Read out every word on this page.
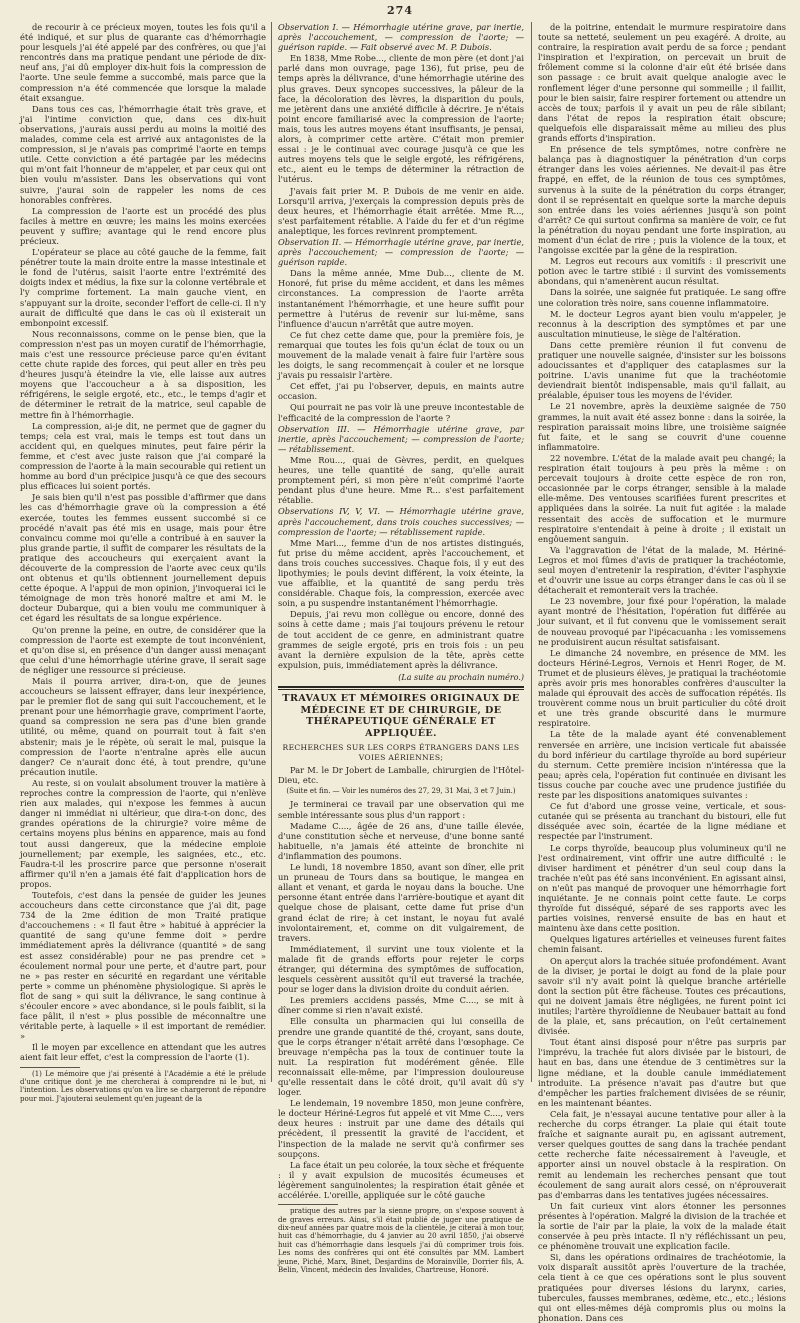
274

de recourir à ce précieux moyen, toutes les fois qu'il a été indiqué, et sur plus de quarante cas d'hémorrhagie pour lesquels j'ai été appelé par des confrères, ou que j'ai rencontrés dans ma pratique pendant une période de dix-neuf ans, j'ai dû employer dix-huit fois la compression de l'aorte. Une seule femme a succombé, mais parce que la compression n'a été commencée que lorsque la malade était exsangue.

Dans tous ces cas, l'hémorrhagie était très grave, et j'ai l'intime conviction que, dans ces dix-huit observations, j'aurais aussi perdu au moins la moitié des malades, comme cela est arrivé aux antagonistes de la compression, si je n'avais pas comprimé l'aorte en temps utile. Cette conviction a été partagée par les médecins qui m'ont fait l'honneur de m'appeler, et par ceux qui ont bien voulu m'assister. Dans les observations qui vont suivre, j'aurai soin de rappeler les noms de ces honorables confrères.

La compression de l'aorte est un procédé des plus faciles à mettre en œuvre; les mains les moins exercées peuvent y suffire; avantage qui le rend encore plus précieux.

L'opérateur se place au côté gauche de la femme, fait pénétrer toute la main droite entre la masse intestinale et le fond de l'utérus, saisit l'aorte entre l'extrémité des doigts index et médius, la fixe sur la colonne vertébrale et l'y comprime fortement. La main gauche vient, en s'appuyant sur la droite, seconder l'effort de celle-ci. Il n'y aurait de difficulté que dans le cas où il existerait un embonpoint excessif.

Nous reconnaissons, comme on le pense bien, que la compression n'est pas un moyen curatif de l'hémorrhagie, mais c'est une ressource précieuse parce qu'en évitant cette chute rapide des forces, qui peut aller en très peu d'heures jusqu'à éteindre la vie, elle laisse aux autres moyens que l'accoucheur a à sa disposition, les réfrigérens, le seigle ergoté, etc., etc., le temps d'agir et de déterminer le retrait de la matrice, seul capable de mettre fin à l'hémorrhagie.

La compression, ai-je dit, ne permet que de gagner du temps; cela est vrai, mais le temps est tout dans un accident qui, en quelques minutes, peut faire périr la femme, et c'est avec juste raison que j'ai comparé la compression de l'aorte à la main secourable qui retient un homme au bord d'un précipice jusqu'à ce que des secours plus efficaces lui soient portés.

Je sais bien qu'il n'est pas possible d'affirmer que dans les cas d'hémorrhagie grave où la compression a été exercée, toutes les femmes eussent succombé si ce procédé n'avait pas été mis en usage, mais pour être convaincu comme moi qu'elle a contribué à en sauver la plus grande partie, il suffit de comparer les résultats de la pratique des accoucheurs qui exerçaient avant la découverte de la compression de l'aorte avec ceux qu'ils ont obtenus et qu'ils obtiennent journellement depuis cette époque. A l'appui de mon opinion, j'invoquerai ici le témoignage de mon très honoré maître et ami M. le docteur Dubarque, qui a bien voulu me communiquer à cet égard les résultats de sa longue expérience.

Qu'on prenne la peine, en outre, de considérer que la compression de l'aorte est exempte de tout inconvénient, et qu'on dise si, en présence d'un danger aussi menaçant que celui d'une hémorrhagie utérine grave, il serait sage de négliger une ressource si précieuse.

Mais il pourra arriver, dira-t-on, que de jeunes accoucheurs se laissent effrayer, dans leur inexpérience, par le premier flot de sang qui suit l'accouchement, et le prenant pour une hémorrhagie grave, compriment l'aorte, quand sa compression ne sera pas d'une bien grande utilité, ou même, quand on pourrait tout à fait s'en abstenir; mais je le répète, où serait le mal, puisque la compression de l'aorte n'entraîne après elle aucun danger? Ce n'aurait donc été, à tout prendre, qu'une précaution inutile.

Au reste, si on voulait absolument trouver la matière à reproches contre la compression de l'aorte, qui n'enlève rien aux malades, qui n'expose les femmes à aucun danger ni immédiat ni ultérieur, que dira-t-on donc, des grandes opérations de la chirurgie? voire même de certains moyens plus bénins en apparence, mais au fond tout aussi dangereux, que la médecine emploie journellement; par exemple, les saignées, etc., etc. Faudra-t-il les proscrire parce que personne n'oserait affirmer qu'il n'en a jamais été fait d'application hors de propos.

Toutefois, c'est dans la pensée de guider les jeunes accoucheurs dans cette circonstance que j'ai dit, page 734 de la 2me édition de mon Traité pratique d'accouchemens : « Il faut être » habitué à apprécier la quantité de sang qu'une femme doit » perdre immédiatement après la délivrance (quantité » de sang est assez considérable) pour ne pas prendre cet » écoulement normal pour une perte, et d'autre part, pour ne » pas rester en sécurité en regardant une véritable perte » comme un phénomène physiologique. Si après le flot de sang » qui suit la délivrance, le sang continue à s'écouler encore » avec abondance, si le pouls faiblit, si la face pâlit, il n'est » plus possible de méconnaître une véritable perte, à laquelle » il est important de remédier. »

Il le moyen par excellence en attendant que les autres aient fait leur effet, c'est la compression de l'aorte (1).

(1) Le mémoire que j'ai présenté à l'Académie a été le prélude d'une critique dont je me chercherai à comprendre ni le but, ni l'intention. Les observations qu'on va lire se chargeront de répondre pour moi. J'ajouterai seulement qu'en jugeant de la

Observation I. — Hémorrhagie utérine grave, par inertie, après l'accouchement, — compression de l'aorte; — guérison rapide. — Fait observé avec M. P. Dubois.

En 1838, Mme Robe..., cliente de mon père (et dont j'ai parlé dans mon ouvrage, page 136), fut prise, peu de temps après la délivrance, d'une hémorrhagie utérine des plus graves. Deux syncopes successives, la pâleur de la face, la décoloration des lèvres, la disparition du pouls, me jetèrent dans une anxiété difficile à décrire. Je n'étais point encore familiarisé avec la compression de l'aorte; mais, tous les autres moyens étant insuffisants, je pensai, alors, à comprimer cette artère. C'était mon premier essai : je le continuai avec courage jusqu'à ce que les autres moyens tels que le seigle ergoté, les réfrigérens, etc., aient eu le temps de déterminer la rétraction de l'utérus.

J'avais fait prier M. P. Dubois de me venir en aide. Lorsqu'il arriva, j'exerçais la compression depuis près de deux heures, et l'hémorrhagie était arrêtée. Mme R..., s'est parfaitement rétablie. A l'aide du fer et d'un régime analeptique, les forces revinrent promptement.

Observation II. — Hémorrhagie utérine grave, par inertie, après l'accouchement; — compression de l'aorte; — guérison rapide.

Dans la même année, Mme Dub..., cliente de M. Honoré, fut prise du même accident, et dans les mêmes circonstances. La compression de l'aorte arrêta instantanément l'hémorrhagie, et une heure suffit pour permettre à l'utérus de revenir sur lui-même, sans l'influence d'aucun n'arrêtât que autre moyen.

Ce fut chez cette dame que, pour la première fois, je remarquai que toutes les fois qu'un éclat de toux ou un mouvement de la malade venait à faire fuir l'artère sous les doigts, le sang recommençait à couler et ne lorsque j'avais pu ressaisir l'artère.

Cet effet, j'ai pu l'observer, depuis, en maints autre occasion.

Qui pourrait ne pas voir là une preuve incontestable de l'efficacité de la compression de l'aorte ?

Observation III. — Hémorrhagie utérine grave, par inertie, après l'accouchement; — compression de l'aorte; — rétablissement.

Mme Rou..., quai de Gèvres, perdit, en quelques heures, une telle quantité de sang, qu'elle aurait promptement péri, si mon père n'eût comprimé l'aorte pendant plus d'une heure. Mme R... s'est parfaitement rétablie.

Observations IV, V, VI. — Hémorrhagie utérine grave, après l'accouchement, dans trois couches successives; — compression de l'aorte; — rétablissement rapide.

Mme Mari..., femme d'un de nos artistes distingués, fut prise du même accident, après l'accouchement, et dans trois couches successives. Chaque fois, il y eut des lipothymies; le pouls devint différent, la voix éteinte, la vue affaiblie, et la quantité de sang perdu très considérable. Chaque fois, la compression, exercée avec soin, a pu suspendre instantanément l'hémorrhagie.

Depuis, j'ai revu mon collègue ou encore, donné des soins à cette dame ; mais j'ai toujours prévenu le retour de tout accident de ce genre, en administrant quatre grammes de seigle ergoté, pris en trois fois : un peu avant la dernière expulsion de la tête, après cette expulsion, puis, immédiatement après la délivrance.

(La suite au prochain numéro.)
TRAVAUX ET MÉMOIRES ORIGINAUX DE MÉDECINE ET DE CHIRURGIE, DE THÉRAPEUTIQUE GÉNÉRALE ET APPLIQUÉE.
RECHERCHES SUR LES CORPS ÉTRANGERS DANS LES VOIES AÉRIENNES;

Par M. le Dr Jobert de Lamballe, chirurgien de l'Hôtel-Dieu, etc.

(Suite et fin. — Voir les numéros des 27, 29, 31 Mai, 3 et 7 Juin.)

Je terminerai ce travail par une observation qui me semble intéressante sous plus d'un rapport :

Madame C...., âgée de 26 ans, d'une taille élevée, d'une constitution sèche et nerveuse, d'une bonne santé habituelle, n'a jamais été atteinte de bronchite ni d'inflammation des poumons.

Le lundi, 18 novembre 1850, avant son dîner, elle prit un pruneau de Tours dans sa boutique, le mangea en allant et venant, et garda le noyau dans la bouche. Une personne étant entrée dans l'arrière-boutique et ayant dit quelque chose de plaisant, cette dame fut prise d'un grand éclat de rire; à cet instant, le noyau fut avalé involontairement, et, comme on dit vulgairement, de travers.

Immédiatement, il survint une toux violente et la malade fit de grands efforts pour rejeter le corps étranger, qui détermina des symptômes de suffocation, lesquels cessèrent aussitôt qu'il eut traversé la trachée, pour se loger dans la division droite du conduit aérien.

Les premiers accidens passés, Mme C...., se mit à dîner comme si rien n'avait existé.

Elle consulta un pharmacien qui lui conseilla de prendre une grande quantité de thé, croyant, sans doute, que le corps étranger n'était arrêté dans l'œsophage. Ce breuvage n'empêcha pas la toux de continuer toute la nuit. La respiration fut modérément gênée. Elle reconnaissait elle-même, par l'impression douloureuse qu'elle ressentait dans le côté droit, qu'il avait dû s'y loger.

Le lendemain, 19 novembre 1850, mon jeune confrère, le docteur Hériné-Legros fut appelé et vit Mme C...., vers deux heures : instruit par une dame des détails qui précèdent, il pressentit la gravité de l'accident, et l'inspection de la malade ne servit qu'à confirmer ses soupçons.

La face était un peu colorée, la toux sèche et fréquente : il y avait expulsion de mucosités écumeuses et légèrement sanguinolentes; la respiration était gênée et accélérée. L'oreille, appliquée sur le côté gauche

pratique des autres par la sienne propre, on s'expose souvent à de graves erreurs. Ainsi, s'il était publié de juger une pratique de dix-neuf années par quatre mois de la clientèle, je citerai à mon tour, huit cas d'hémorrhagie, du 4 janvier au 20 avril 1850, j'ai observé huit cas d'hémorrhagie dans lesquels j'ai dû comprimer trois fois. Les noms des confrères qui ont été consultés par MM. Lambert jeune, Piché, Marx, Binet, Desjardins de Morainville, Dorrier fils, A. Belin, Vincent, médecin des Invalides, Chartreuse, Honoré.

de la poitrine, entendait le murmure respiratoire dans toute sa netteté, seulement un peu exagéré. A droite, au contraire, la respiration avait perdu de sa force ; pendant l'inspiration et l'expiration, on percevait un bruit de frôlement comme si la colonne d'air eût été brisée dans son passage : ce bruit avait quelque analogie avec le ronflement léger d'une personne qui sommeille ; il faillit, pour le bien saisir, faire respirer fortement ou attendre un accès de toux; parfois il y avait un peu de râle sibilant; dans l'état de repos la respiration était obscure; quelquefois elle disparaissait même au milieu des plus grands efforts d'inspiration.

En présence de tels symptômes, notre confrère ne balança pas à diagnostiquer la pénétration d'un corps étranger dans les voies aériennes. Ne devait-il pas être frappé, en effet, de la réunion de tous ces symptômes, survenus à la suite de la pénétration du corps étranger, dont il se représentait en quelque sorte la marche depuis son entrée dans les voies aériennes jusqu'à son point d'arrêt? Ce qui surtout confirma sa manière de voir, ce fut la pénétration du noyau pendant une forte inspiration, au moment d'un éclat de rire ; puis la violence de la toux, et l'angoisse excitée par la gêne de la respiration.

M. Legros eut recours aux vomitifs : il prescrivit une potion avec le tartre stibié : il survint des vomissements abondans, qui n'amenèrent aucun résultat.

Dans la soirée, une saignée fut pratiquée. Le sang offre une coloration très noire, sans couenne inflammatoire.

M. le docteur Legros ayant bien voulu m'appeler, je reconnus à la description des symptômes et par une auscultation minutieuse, le siège de l'altération.

Dans cette première réunion il fut convenu de pratiquer une nouvelle saignée, d'insister sur les boissons adoucissantes et d'appliquer des cataplasmes sur la poitrine. L'avis unanime fut que la trachéotomie deviendrait bientôt indispensable, mais qu'il fallait, au préalable, épuiser tous les moyens de l'évider.

Le 21 novembre, après la deuxième saignée de 750 grammes, la nuit avait été assez bonne : dans la soirée, la respiration paraissait moins libre, une troisième saignée fut faite, et le sang se couvrit d'une couenne inflammatoire.

22 novembre. L'état de la malade avait peu changé; la respiration était toujours à peu près la même : on percevait toujours à droite cette espèce de ron ron, occasionnée par le corps étranger, sensible à la malade elle-même. Des ventouses scarifiées furent prescrites et appliquées dans la soirée. La nuit fut agitée : la malade ressentait des accès de suffocation et le murmure respiratoire s'entendait à peine à droite ; il existait un engôuement sanguin.

Va l'aggravation de l'état de la malade, M. Hériné-Legros et moi fûmes d'avis de pratiquer la trachéotomie, seul moyen d'entretenir la respiration, d'éviter l'asphyxie et d'ouvrir une issue au corps étranger dans le cas où il se détacherait et remonterait vers la trachée.

Le 23 novembre, jour fixé pour l'opération, la malade ayant montré de l'hésitation, l'opération fut différée au jour suivant, et il fut convenu que le vomissement serait de nouveau provoqué par l'ipécacuanha : les vomissemens ne produisirent aucun résultat satisfaisant.

Le dimanche 24 novembre, en présence de MM. les docteurs Hériné-Legros, Vernois et Henri Roger, de M. Trumet et de plusieurs élèves, je pratiquai la trachéotomie après avoir pris mes honorables confrères d'ausculter la malade qui éprouvait des accès de suffocation répétés. Ils trouvèrent comme nous un bruit particulier du côté droit et une très grande obscurité dans le murmure respiratoire.

La tête de la malade ayant été convenablement renversée en arrière, une incision verticale fut abaissée du bord inférieur du cartilage thyroïde au bord supérieur du sternum. Cette première incision n'intéressa que la peau; après cela, l'opération fut continuée en divisant les tissus couche par couche avec une prudence justifiée du reste par les dispositions anatomiques suivantes :

Ce fut d'abord une grosse veine, verticale, et sous-cutanée qui se présenta au tranchant du bistouri, elle fut disséquée avec soin, écartée de la ligne médiane et respectée par l'instrument.

Le corps thyroïde, beaucoup plus volumineux qu'il ne l'est ordinairement, vint offrir une autre difficulté : le diviser hardiment et pénétrer d'un seul coup dans la trachée n'eût pas été sans inconvénient. En agissant ainsi, on n'eût pas manqué de provoquer une hémorrhagie fort inquiétante. Je ne connais point cette faute. Le corps thyroïde fut disséqué, séparé de ses rapports avec les parties voisines, renversé ensuite de bas en haut et maintenu àxe dans cette position.

Quelques ligatures artérielles et veineuses furent faites chemin faisant.

On aperçut alors la trachée située profondément. Avant de la diviser, je portai le doigt au fond de la plaie pour savoir s'il n'y avait point là quelque branche artérielle dont la section pût être fâcheuse. Toutes ces précautions, qui ne doivent jamais être négligées, ne furent point ici inutiles; l'artère thyroïdienne de Neubauer battait au fond de la plaie, et, sans précaution, on l'eût certainement divisée.

Tout étant ainsi disposé pour n'être pas surpris par l'imprévu, la trachée fut alors divisée par le bistouri, de haut en bas, dans une étendue de 3 centimètres sur la ligne médiane, et la double canule immédiatement introduite. La présence n'avait pas d'autre but que d'empêcher les parties fraîchement divisées de se réunir, en les maintenant béantes.

Cela fait, je n'essayai aucune tentative pour aller à la recherche du corps étranger. La plaie qui était toute fraîche et saignante aurait pu, en agissant autrement, verser quelques gouttes de sang dans la trachée pendant cette recherche faite nécessairement à l'aveugle, et apporter ainsi un nouvel obstacle à la respiration. On remit au lendemain les recherches pensant que tout écoulement de sang aurait alors cessé, on n'éprouverait pas d'embarras dans les tentatives jugées nécessaires.

Un fait curieux vint alors étonner les personnes présentes à l'opération. Malgré la division de la trachée et la sortie de l'air par la plaie, la voix de la malade était conservée à peu près intacte. Il n'y réfléchissant un peu, ce phénomène trouvait une explication facile.

Si, dans les opérations ordinaires de trachéotomie, la voix disparaît aussitôt après l'ouverture de la trachée, cela tient à ce que ces opérations sont le plus souvent pratiquées pour diverses lésions du larynx, caries, tubercules, fausses membranes, œdème, etc., etc.; lésions qui ont elles-mêmes déjà compromis plus ou moins la phonation. Dans ces
